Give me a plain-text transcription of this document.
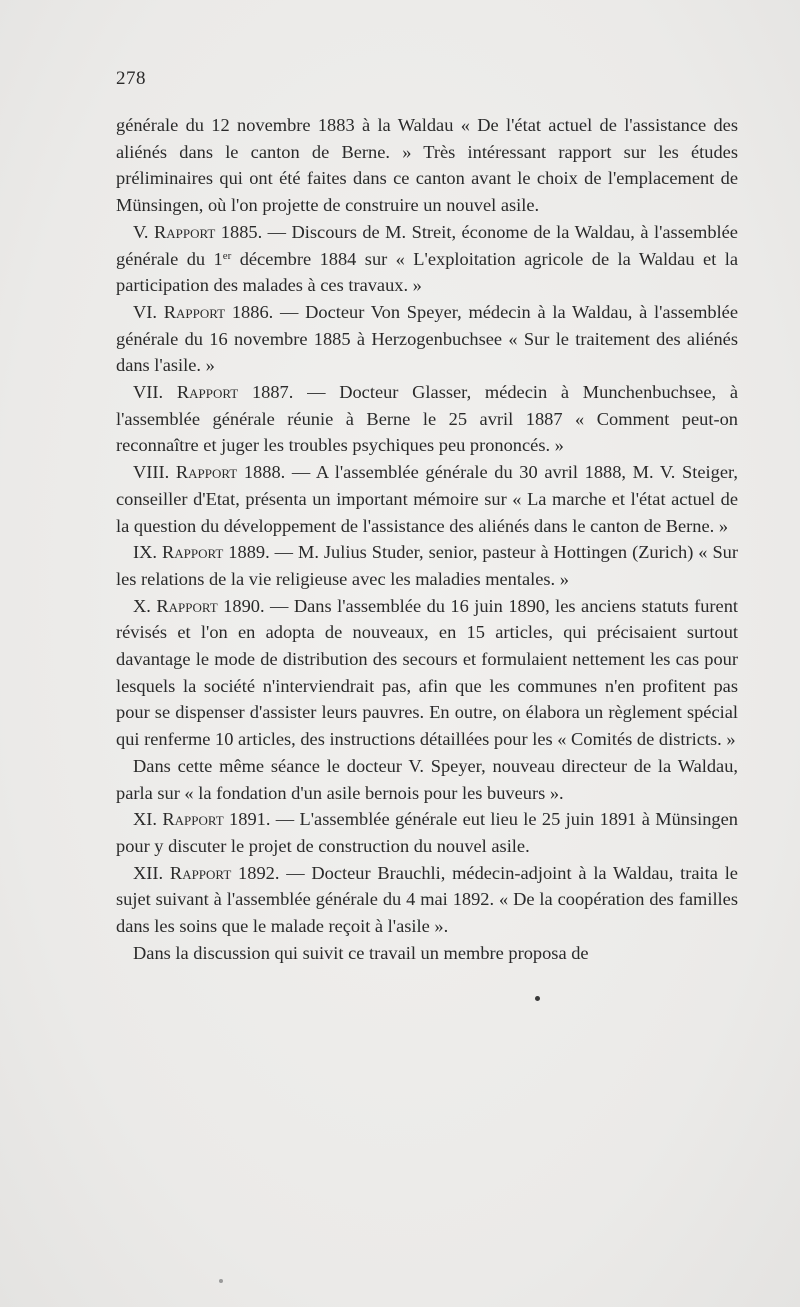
278

générale du 12 novembre 1883 à la Waldau « De l'état actuel de l'assistance des aliénés dans le canton de Berne. » Très intéressant rapport sur les études préliminaires qui ont été faites dans ce canton avant le choix de l'emplacement de Münsingen, où l'on projette de construire un nouvel asile.

V. Rapport 1885. — Discours de M. Streit, économe de la Waldau, à l'assemblée générale du 1er décembre 1884 sur « L'exploitation agricole de la Waldau et la participation des malades à ces travaux. »

VI. Rapport 1886. — Docteur Von Speyer, médecin à la Waldau, à l'assemblée générale du 16 novembre 1885 à Herzogenbuchsee « Sur le traitement des aliénés dans l'asile. »

VII. Rapport 1887. — Docteur Glasser, médecin à Munchenbuchsee, à l'assemblée générale réunie à Berne le 25 avril 1887 « Comment peut-on reconnaître et juger les troubles psychiques peu prononcés. »

VIII. Rapport 1888. — A l'assemblée générale du 30 avril 1888, M. V. Steiger, conseiller d'Etat, présenta un important mémoire sur « La marche et l'état actuel de la question du développement de l'assistance des aliénés dans le canton de Berne. »

IX. Rapport 1889. — M. Julius Studer, senior, pasteur à Hottingen (Zurich) « Sur les relations de la vie religieuse avec les maladies mentales. »

X. Rapport 1890. — Dans l'assemblée du 16 juin 1890, les anciens statuts furent révisés et l'on en adopta de nouveaux, en 15 articles, qui précisaient surtout davantage le mode de distribution des secours et formulaient nettement les cas pour lesquels la société n'interviendrait pas, afin que les communes n'en profitent pas pour se dispenser d'assister leurs pauvres. En outre, on élabora un règlement spécial qui renferme 10 articles, des instructions détaillées pour les « Comités de districts. »

Dans cette même séance le docteur V. Speyer, nouveau directeur de la Waldau, parla sur « la fondation d'un asile bernois pour les buveurs ».

XI. Rapport 1891. — L'assemblée générale eut lieu le 25 juin 1891 à Münsingen pour y discuter le projet de construction du nouvel asile.

XII. Rapport 1892. — Docteur Brauchli, médecin-adjoint à la Waldau, traita le sujet suivant à l'assemblée générale du 4 mai 1892. « De la coopération des familles dans les soins que le malade reçoit à l'asile ».

Dans la discussion qui suivit ce travail un membre proposa de
